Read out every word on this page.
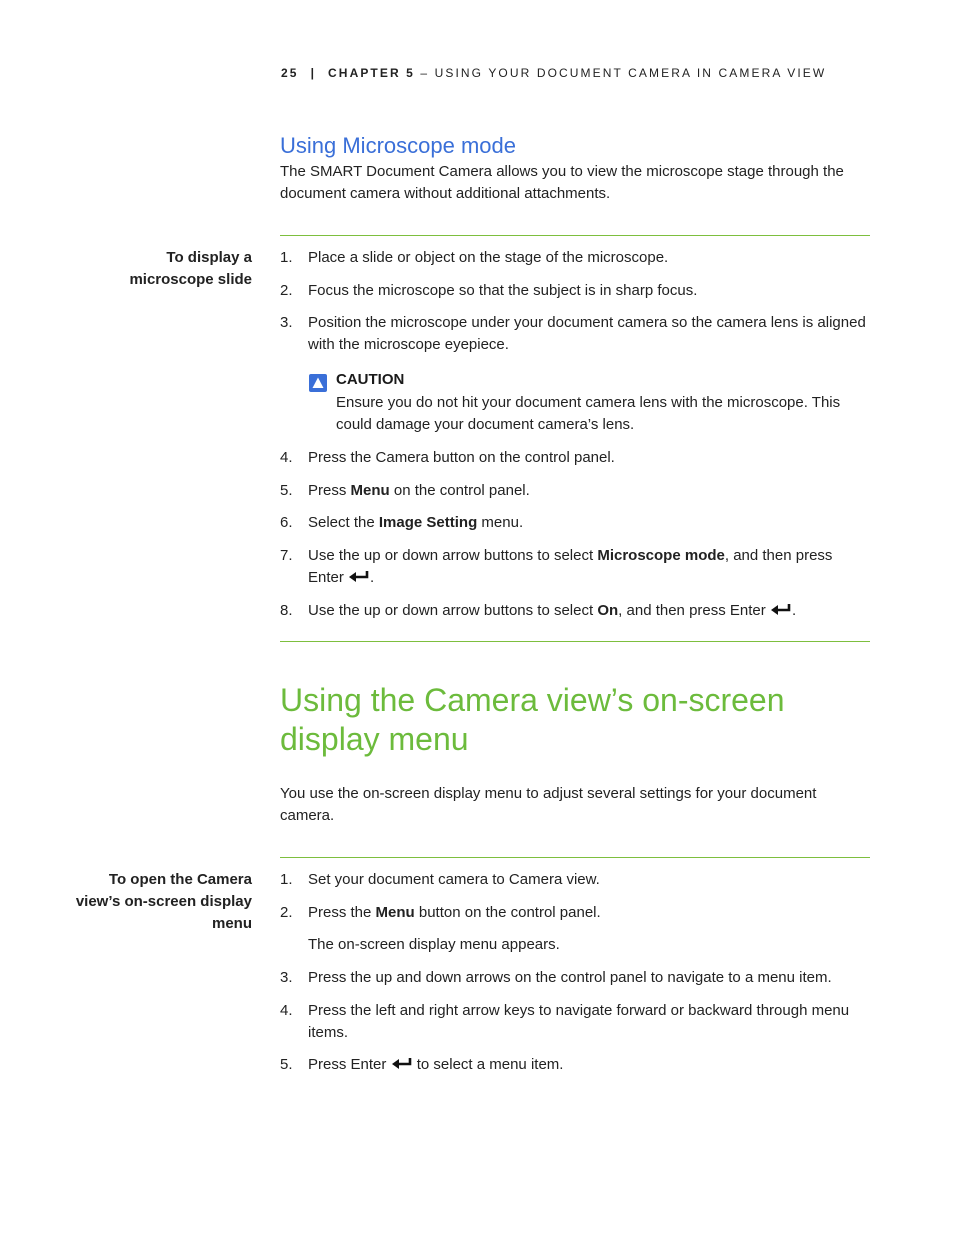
25 | CHAPTER 5 – USING YOUR DOCUMENT CAMERA IN CAMERA VIEW
Using Microscope mode
The SMART Document Camera allows you to view the microscope stage through the document camera without additional attachments.
To display a
microscope slide
1. Place a slide or object on the stage of the microscope.
2. Focus the microscope so that the subject is in sharp focus.
3. Position the microscope under your document camera so the camera lens is aligned with the microscope eyepiece.
CAUTION
Ensure you do not hit your document camera lens with the microscope. This could damage your document camera’s lens.
4. Press the Camera button on the control panel.
5. Press Menu on the control panel.
6. Select the Image Setting menu.
7. Use the up or down arrow buttons to select Microscope mode, and then press Enter .
8. Use the up or down arrow buttons to select On, and then press Enter .
Using the Camera view’s on-screen display menu
You use the on-screen display menu to adjust several settings for your document camera.
To open the Camera
view’s on-screen display
menu
1. Set your document camera to Camera view.
2. Press the Menu button on the control panel.
The on-screen display menu appears.
3. Press the up and down arrows on the control panel to navigate to a menu item.
4. Press the left and right arrow keys to navigate forward or backward through menu items.
5. Press Enter  to select a menu item.
